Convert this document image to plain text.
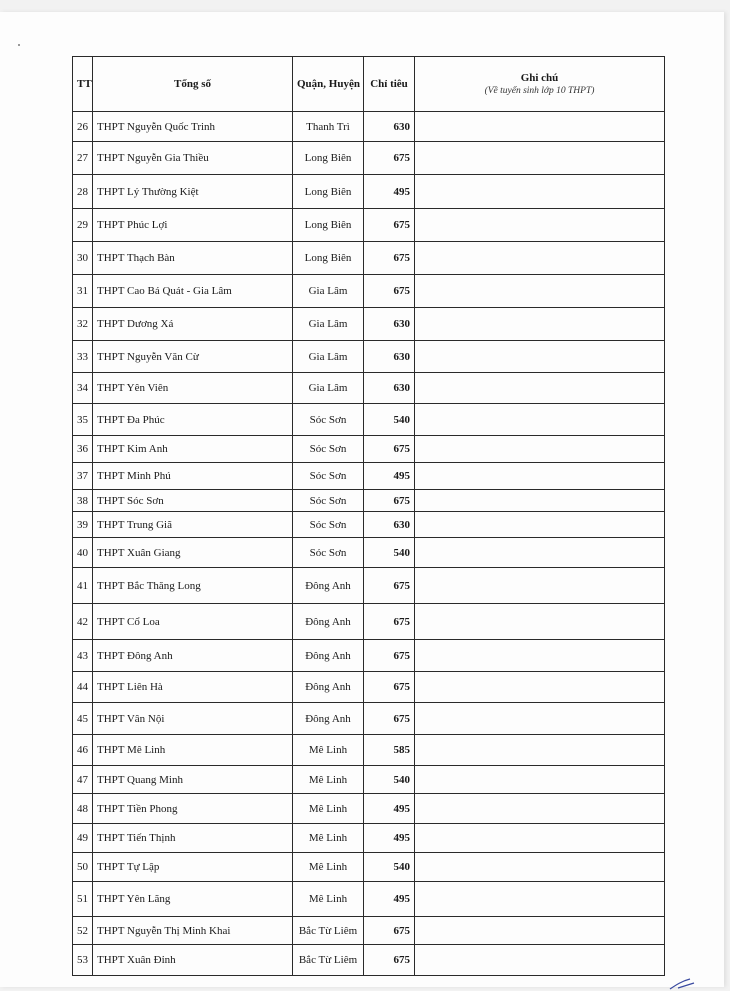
TT	Tổng số	Quận, Huyện	Chỉ tiêu	Ghi chú
(Về tuyển sinh lớp 10 THPT)

26	THPT Nguyễn Quốc Trinh	Thanh Trì	630	
27	THPT Nguyễn Gia Thiều	Long Biên	675	
28	THPT Lý Thường Kiệt	Long Biên	495	
29	THPT Phúc Lợi	Long Biên	675	
30	THPT Thạch Bàn	Long Biên	675	
31	THPT Cao Bá Quát - Gia Lâm	Gia Lâm	675	
32	THPT Dương Xá	Gia Lâm	630	
33	THPT Nguyễn Văn Cừ	Gia Lâm	630	
34	THPT Yên Viên	Gia Lâm	630	
35	THPT Đa Phúc	Sóc Sơn	540	
36	THPT Kim Anh	Sóc Sơn	675	
37	THPT Minh Phú	Sóc Sơn	495	
38	THPT Sóc Sơn	Sóc Sơn	675	
39	THPT Trung Giã	Sóc Sơn	630	
40	THPT Xuân Giang	Sóc Sơn	540	
41	THPT Bắc Thăng Long	Đông Anh	675	
42	THPT Cổ Loa	Đông Anh	675	
43	THPT Đông Anh	Đông Anh	675	
44	THPT Liên Hà	Đông Anh	675	
45	THPT Vân Nội	Đông Anh	675	
46	THPT Mê Linh	Mê Linh	585	
47	THPT Quang Minh	Mê Linh	540	
48	THPT Tiền Phong	Mê Linh	495	
49	THPT Tiến Thịnh	Mê Linh	495	
50	THPT Tự Lập	Mê Linh	540	
51	THPT Yên Lãng	Mê Linh	495	
52	THPT Nguyễn Thị Minh Khai	Bắc Từ Liêm	675	
53	THPT Xuân Đỉnh	Bắc Từ Liêm	675	
